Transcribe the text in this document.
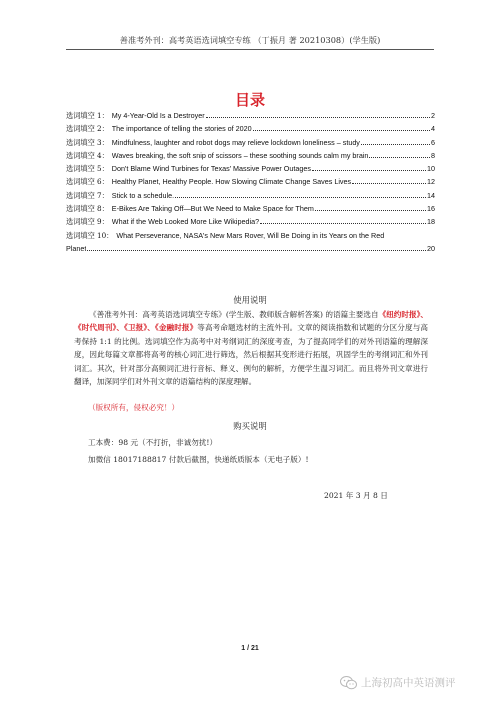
善准考外刊：高考英语选词填空专练 （丁振月 著 20210308）(学生版)
目录
选词填空 1： My 4-Year-Old Is a Destroyer	2
选词填空 2： The importance of telling the stories of 2020	4
选词填空 3： Mindfulness, laughter and robot dogs may relieve lockdown loneliness – study	6
选词填空 4： Waves breaking, the soft snip of scissors – these soothing sounds calm my brain	8
选词填空 5： Don't Blame Wind Turbines for Texas' Massive Power Outages	10
选词填空 6： Healthy Planet, Healthy People. How Slowing Climate Change Saves Lives	12
选词填空 7： Stick to a schedule.	14
选词填空 8： E-Bikes Are Taking Off—But We Need to Make Space for Them	16
选词填空 9： What if the Web Looked More Like Wikipedia?	18
选词填空 10： What Perseverance, NASA's New Mars Rover, Will Be Doing in its Years on the Red
Planet	20
使用说明
《善准考外刊：高考英语选词填空专练》(学生版、教师版含解析答案) 的语篇主要选自《纽约时报》、《时代周刊》、《卫报》、《金融时报》等高考命题选材的主流外刊。文章的阅读指数和试题的分区分度与高考保持 1:1 的比例。选词填空作为高考中对考纲词汇的深度考查，为了提高同学们的对外刊语篇的理解深度，因此每篇文章都将高考的核心词汇进行筛选，然后根据其变形进行拓展，巩固学生的考纲词汇和外刊词汇。其次，针对部分高频词汇进行音标、释义、例句的解析，方便学生温习词汇。而且将外刊文章进行翻译，加深同学们对外刊文章的语篇结构的深度理解。
（版权所有，侵权必究！）
购买说明
工本费：98 元（不打折，非诚勿扰!）
加微信 18017188817 付款后截图，快递纸质版本（无电子版）!
2021 年 3 月 8 日
1 / 21
上海初高中英语测评
